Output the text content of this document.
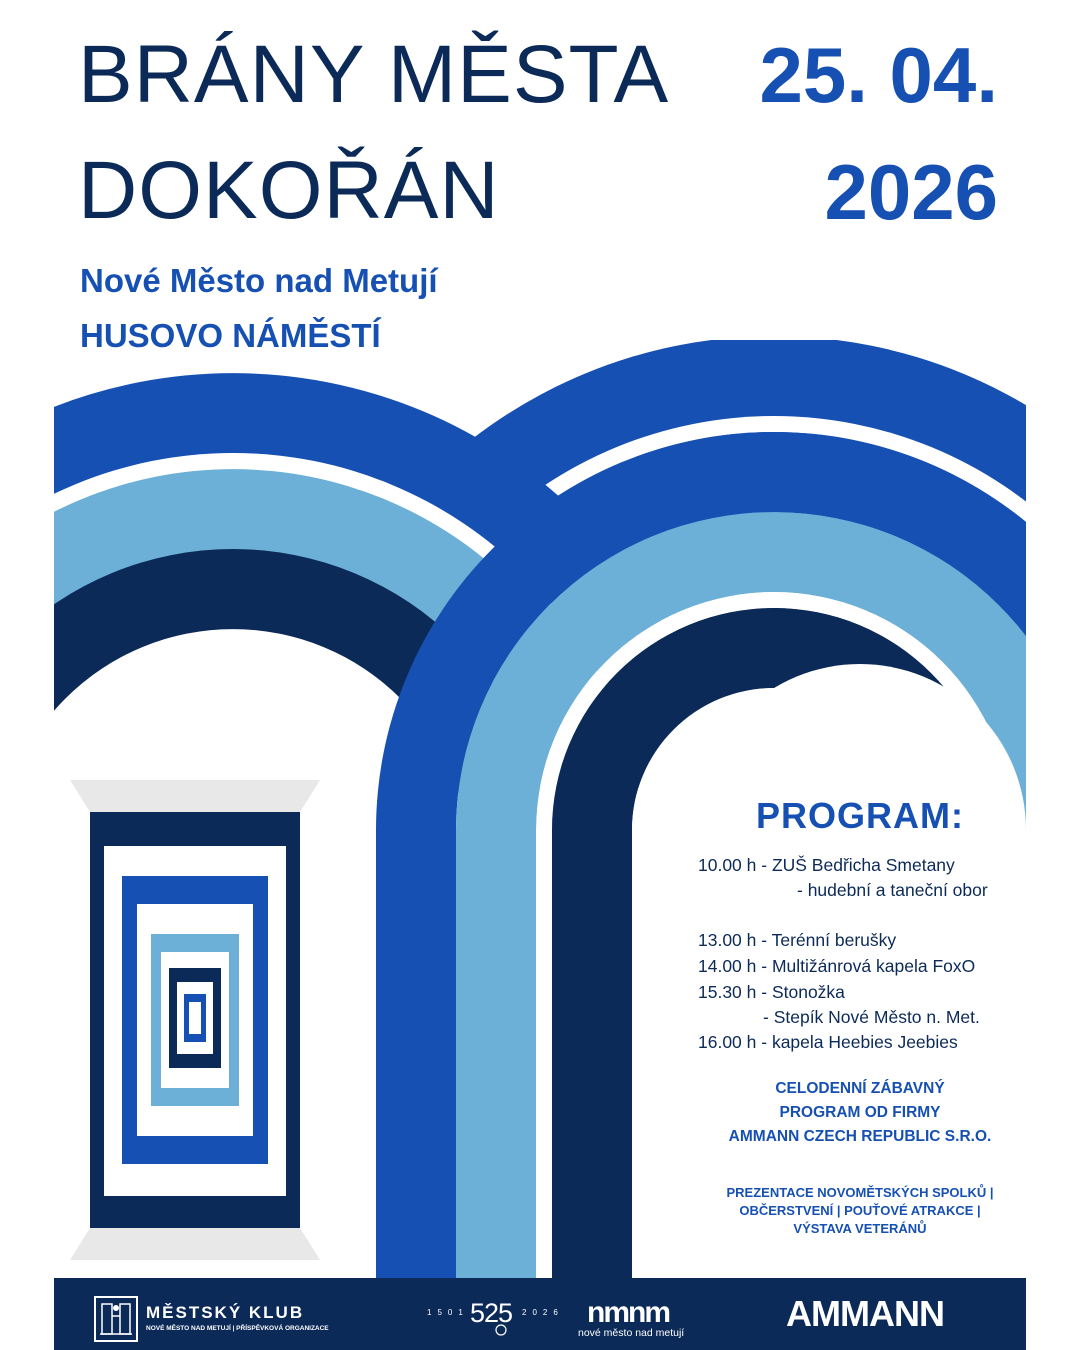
BRÁNY MĚSTA
DOKOŘÁN
25. 04.
2026
Nové Město nad Metují
HUSOVO NÁMĚSTÍ
PROGRAM:
10.00 h - ZUŠ Bedřicha Smetany
- hudební a taneční obor
13.00 h - Terénní berušky
14.00 h - Multižánrová kapela FoxO
15.30 h - Stonožka
- Stepík Nové Město n. Met.
16.00 h - kapela Heebies Jeebies
CELODENNÍ ZÁBAVNÝ
PROGRAM OD FIRMY
AMMANN CZECH REPUBLIC S.R.O.
PREZENTACE NOVOMĚTSKÝCH SPOLKŮ |
OBČERSTVENÍ | POUŤOVÉ ATRAKCE |
VÝSTAVA VETERÁNŮ
MĚSTSKÝ KLUB
NOVÉ MĚSTO NAD METUJÍ | PŘÍSPĚVKOVÁ ORGANIZACE
1501 525 2026 nmnm
nové město nad metují	AMMANN
